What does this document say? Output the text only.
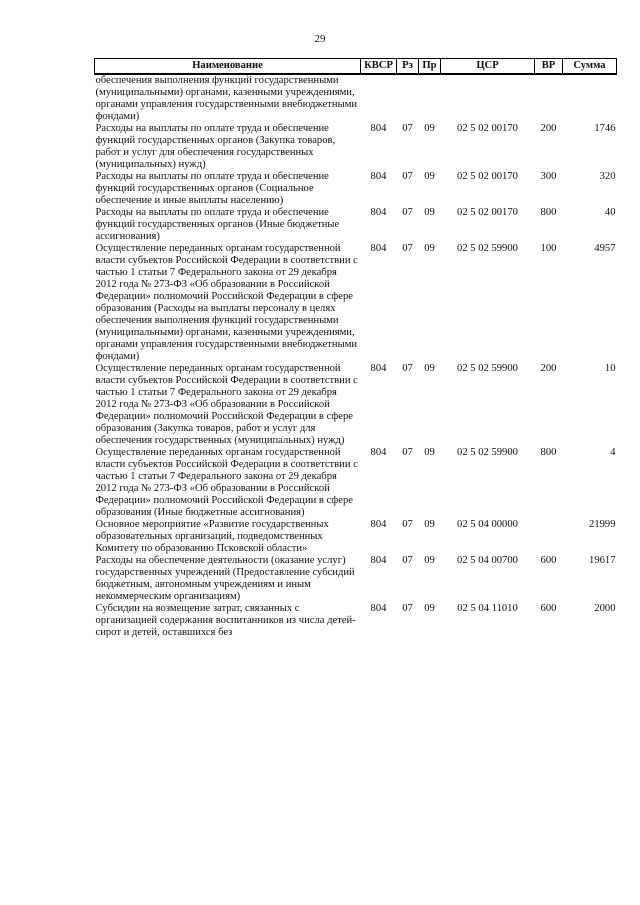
29
Наименование	КВСР	Рз	Пр	ЦСР	ВР	Сумма
обеспечения выполнения функций государственными (муниципальными) органами, казенными учреждениями, органами управления государственными внебюджетными фондами)						
Расходы на выплаты по оплате труда и обеспечение функций государственных органов (Закупка товаров, работ и услуг для обеспечения государственных (муниципальных) нужд)	804	07	09	02 5 02 00170	200	1746
Расходы на выплаты по оплате труда и обеспечение функций государственных органов (Социальное обеспечение и иные выплаты населению)	804	07	09	02 5 02 00170	300	320
Расходы на выплаты по оплате труда и обеспечение функций государственных органов (Иные бюджетные ассигнования)	804	07	09	02 5 02 00170	800	40
Осуществление переданных органам государственной власти субъектов Российской Федерации в соответствии с частью 1 статьи 7 Федерального закона от 29 декабря 2012 года № 273-ФЗ «Об образовании в Российской Федерации» полномочий Российской Федерации в сфере образования (Расходы на выплаты персоналу в целях обеспечения выполнения функций государственными (муниципальными) органами, казенными учреждениями, органами управления государственными внебюджетными фондами)	804	07	09	02 5 02 59900	100	4957
Осуществление переданных органам государственной власти субъектов Российской Федерации в соответствии с частью 1 статьи 7 Федерального закона от 29 декабря 2012 года № 273-ФЗ «Об образовании в Российской Федерации» полномочий Российской Федерации в сфере образования (Закупка товаров, работ и услуг для обеспечения государственных (муниципальных) нужд)	804	07	09	02 5 02 59900	200	10
Осуществление переданных органам государственной власти субъектов Российской Федерации в соответствии с частью 1 статьи 7 Федерального закона от 29 декабря 2012 года № 273-ФЗ «Об образовании в Российской Федерации» полномочий Российской Федерации в сфере образования (Иные бюджетные ассигнования)	804	07	09	02 5 02 59900	800	4
Основное мероприятие «Развитие государственных образовательных организаций, подведомственных Комитету по образованию Псковской области»	804	07	09	02 5 04 00000		21999
Расходы на обеспечение деятельности (оказание услуг) государственных учреждений (Предоставление субсидий бюджетным, автономным учреждениям и иным некоммерческим организациям)	804	07	09	02 5 04 00700	600	19617
Субсидии на возмещение затрат, связанных с организацией содержания воспитанников из числа детей-сирот и детей, оставшихся без	804	07	09	02 5 04 11010	600	2000
